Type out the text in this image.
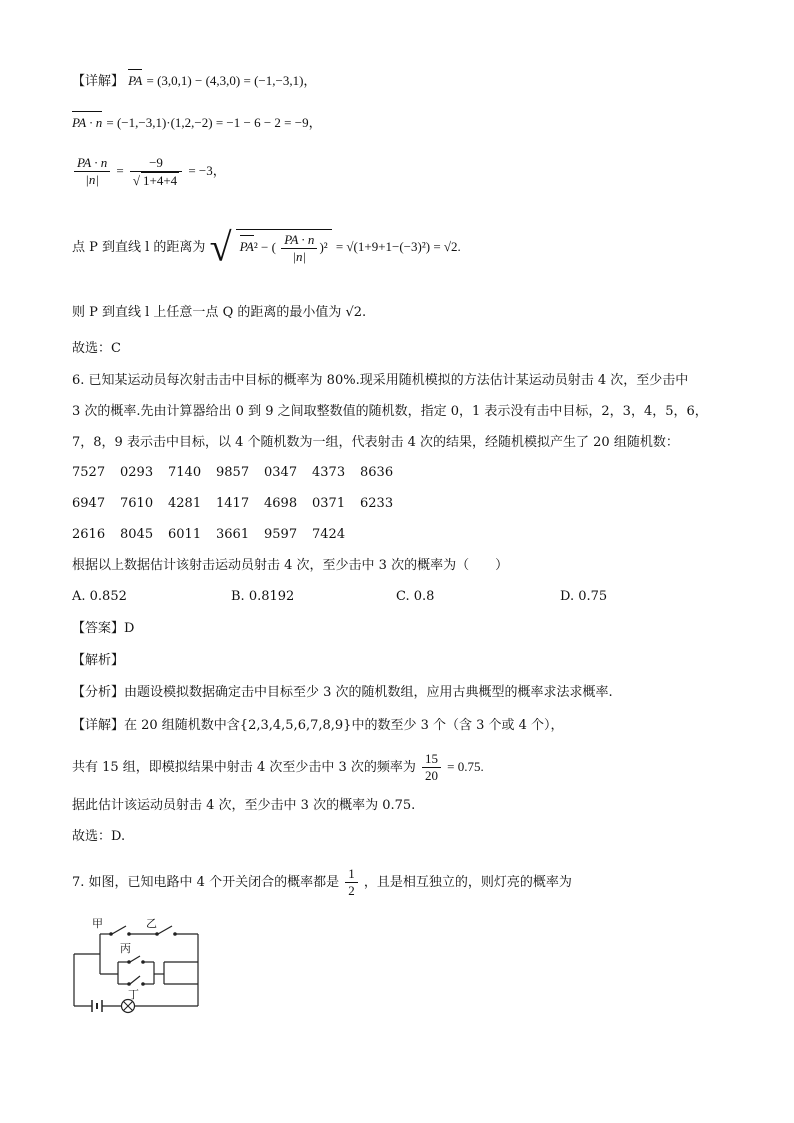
【详解】 PA = (3,0,1) − (4,3,0) = (−1,−3,1)，
PA · n = (−1,−3,1)·(1,2,−2) = −1 − 6 − 2 = −9，
$\frac{PA \cdot n}{|n|} = \frac{-9}{√ 1+4+4} = -3$，
点 P 到直线 l 的距离为 √ PA² − ( $\frac{PA \cdot n}{|n|} )^2 = √(1+9+1-(-3)^2) = √2$.
则 P 到直线 l 上任意一点 Q 的距离的最小值为 √2.
故选：C
6. 已知某运动员每次射击击中目标的概率为 80%.现采用随机模拟的方法估计某运动员射击 4 次，至少击中
3 次的概率.先由计算器给出 0 到 9 之间取整数值的随机数，指定 0，1 表示没有击中目标，2，3，4，5，6，
7，8，9 表示击中目标，以 4 个随机数为一组，代表射击 4 次的结果，经随机模拟产生了 20 组随机数：
7527 0293 7140 9857 0347 4373 8636
6947 7610 4281 1417 4698 0371 6233
2616 8045 6011 3661 9597 7424
根据以上数据估计该射击运动员射击 4 次，至少击中 3 次的概率为（　　）
A. 0.852	B. 0.8192	C. 0.8	D. 0.75
【答案】D
【解析】
【分析】由题设模拟数据确定击中目标至少 3 次的随机数组，应用古典概型的概率求法求概率.
【详解】在 20 组随机数中含{2,3,4,5,6,7,8,9}中的数至少 3 个（含 3 个或 4 个），
共有 15 组，即模拟结果中射击 4 次至少击中 3 次的频率为 $\frac{15}{20} = 0.75$.
据此估计该运动员射击 4 次，至少击中 3 次的概率为 0.75.
故选：D.
7. 如图，已知电路中 4 个开关闭合的概率都是 $\frac{1}{2}$ ，且是相互独立的，则灯亮的概率为
甲	乙
丙
丁
